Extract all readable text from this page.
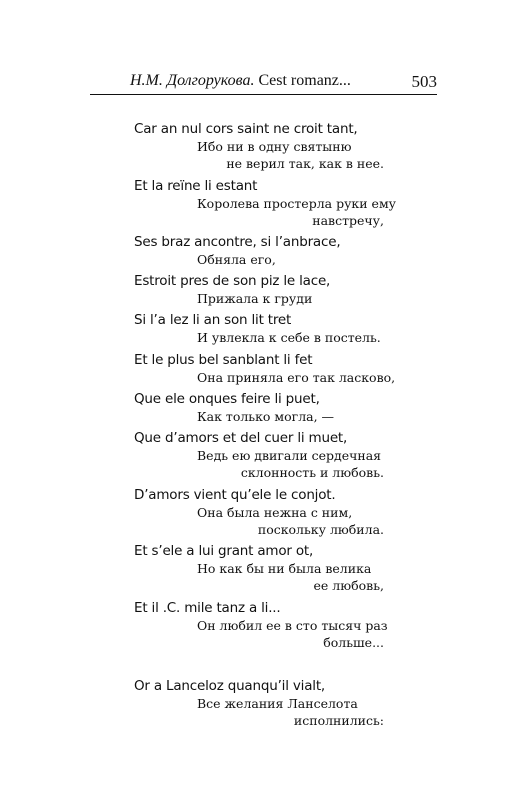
Н.М. Долгорукова. Cest romanz...	503
Car an nul cors saint ne croit tant,
Ибо ни в одну святыню
не верил так, как в нее.
Et la reïne li estant
Королева простерла руки ему
навстречу,
Ses braz ancontre, si l’anbrace,
Обняла его,
Estroit pres de son piz le lace,
Прижала к груди
Si l’a lez li an son lit tret
И увлекла к себе в постель.
Et le plus bel sanblant li fet
Она приняла его так ласково,
Que ele onques feire li puet,
Как только могла, —
Que d’amors et del cuer li muet,
Ведь ею двигали сердечная
склонность и любовь.
D’amors vient qu’ele le conjot.
Она была нежна с ним,
поскольку любила.
Et s’ele a lui grant amor ot,
Но как бы ни была велика
ее любовь,
Et il .C. mile tanz a li...
Он любил ее в сто тысяч раз
больше...
Or a Lanceloz quanqu’il vialt,
Все желания Ланселота
исполнились:
